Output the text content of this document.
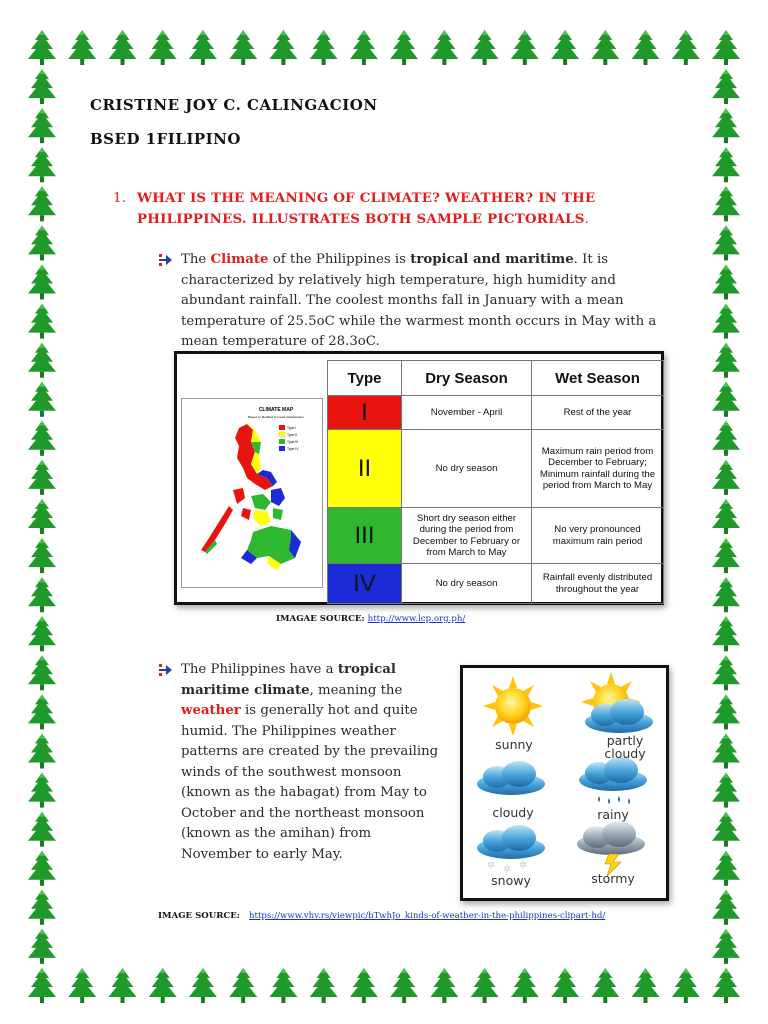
CRISTINE JOY C. CALINGACION
BSED 1FILIPINO
1. WHAT IS THE MEANING OF CLIMATE? WEATHER? IN THE PHILIPPINES. ILLUSTRATES BOTH SAMPLE PICTORIALS.
The Climate of the Philippines is tropical and maritime. It is characterized by relatively high temperature, high humidity and abundant rainfall. The coolest months fall in January with a mean temperature of 25.5oC while the warmest month occurs in May with a mean temperature of 28.3oC.
CLIMATE MAP
Based on Modified Coronas Classification
Type I
Type II
Type III
Type IV
Type	Dry Season	Wet Season
I	November - April	Rest of the year
II	No dry season	Maximum rain period from December to February; Minimum rainfall during the period from March to May
III	Short dry season either during the period from December to February or from March to May	No very pronounced maximum rain period
IV	No dry season	Rainfall evenly distributed throughout the year
IMAGAE SOURCE: http://www.lcp.org.ph/
The Philippines have a tropical maritime climate, meaning the weather is generally hot and quite humid. The Philippines weather patterns are created by the prevailing winds of the southwest monsoon (known as the habagat) from May to October and the northeast monsoon (known as the amihan) from November to early May.
✲ ✲ ✲
sunny	partly
cloudy
cloudy	rainy
snowy	stormy
IMAGE SOURCE: https://www.vhv.rs/viewpic/bTwhJo_kinds-of-weather-in-the-philippines-clipart-hd/
